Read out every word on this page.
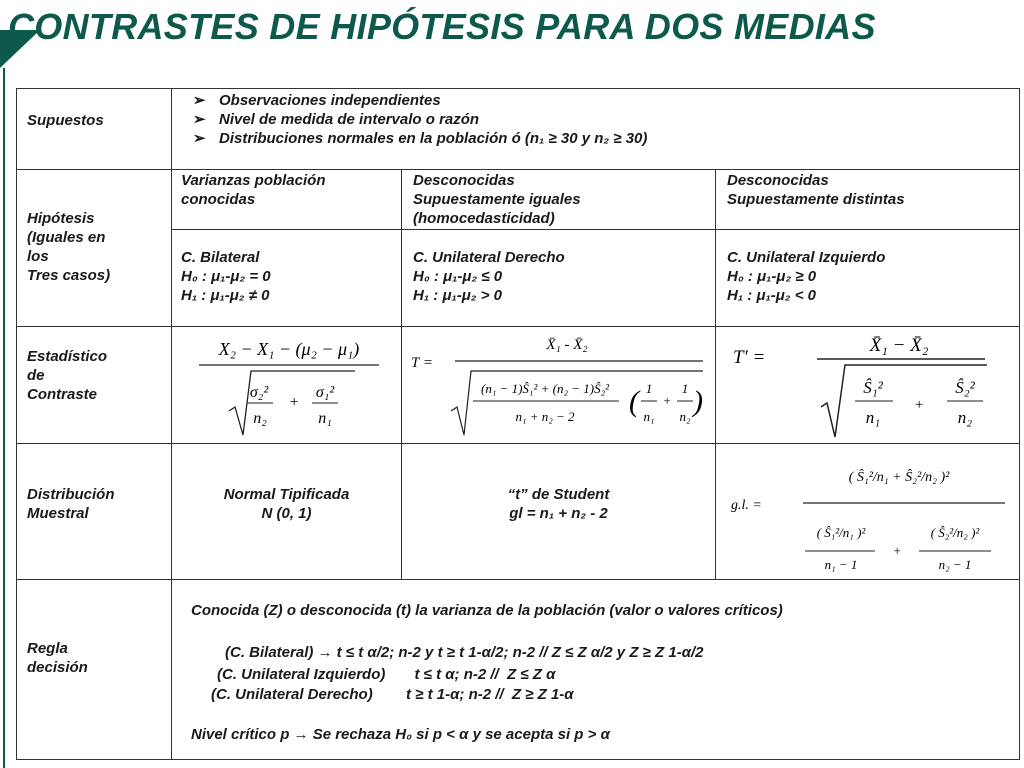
CONTRASTES DE HIPÓTESIS PARA DOS MEDIAS
Supuestos
➢ Observaciones independientes
➢ Nivel de medida de intervalo o razón
➢ Distribuciones normales en la población ó (n₁ ≥ 30 y n₂ ≥ 30)
Hipótesis
(Iguales en
los
Tres casos)
Varianzas población
conocidas
Desconocidas
Supuestamente iguales
(homocedasticidad)
Desconocidas
Supuestamente distintas
C. Bilateral
H₀ : μ₁-μ₂ = 0
H₁ : μ₁-μ₂ ≠ 0
C. Unilateral Derecho
H₀ : μ₁-μ₂ ≤ 0
H₁ : μ₁-μ₂ > 0
C. Unilateral Izquierdo
H₀ : μ₁-μ₂ ≥ 0
H₁ : μ₁-μ₂ < 0
Estadístico
de
Contraste
X₂ − X₁ − (μ₂ − μ₁)
σ₂²
n₂
+
σ₁²
n₁
T =
X̄₁ - X̄₂
(n₁ − 1)Ŝ₁² + (n₂ − 1)Ŝ₂²
n₁ + n₂ − 2 ( 1
n₁
+
1
n₂ )
T′ =
X̄₁ − X̄₂
Ŝ₁²
n₁
+
Ŝ₂²
n₂
Distribución
Muestral
Normal Tipificada
N (0, 1)
“t” de Student
gl = n₁ + n₂ - 2	g.l. =
( Ŝ₁²/n₁ + Ŝ₂²/n₂ )²
( Ŝ₁²/n₁ )²
n₁ − 1
+
( Ŝ₂²/n₂ )²
n₂ − 1
Regla
decisión
Conocida (Z) o desconocida (t) la varianza de la población (valor o valores críticos)
(C. Bilateral) → t ≤ t α/2; n-2 y t ≥ t 1-α/2; n-2 // Z ≤ Z α/2 y Z ≥ Z 1-α/2
(C. Unilateral Izquierdo)       t ≤ t α; n-2 //  Z ≤ Z α
(C. Unilateral Derecho)        t ≥ t 1-α; n-2 //  Z ≥ Z 1-α
Nivel crítico p → Se rechaza H₀ si p < α y se acepta si p > α
